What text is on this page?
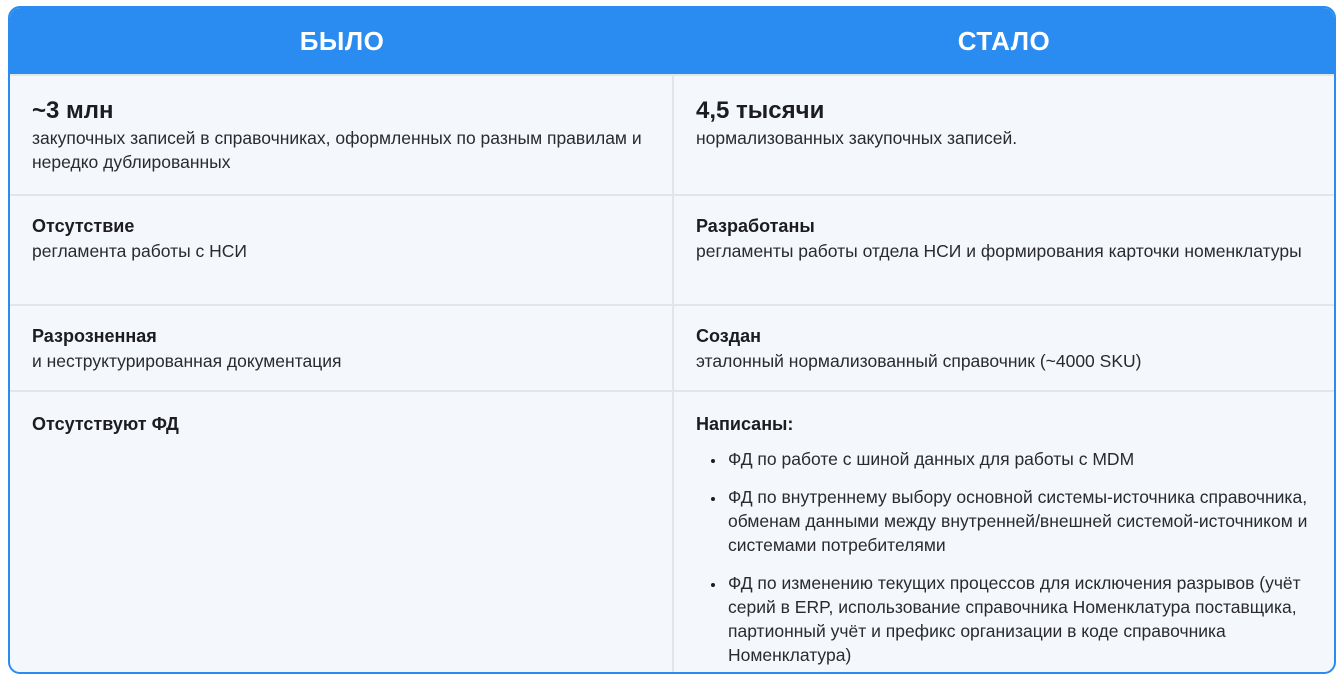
БЫЛО	СТАЛО
~3 млн
закупочных записей в справочниках, оформленных по разным правилам и нередко дублированных
4,5 тысячи
нормализованных закупочных записей.
Отсутствие
регламента работы с НСИ
Разработаны
регламенты работы отдела НСИ и формирования карточки номенклатуры
Разрозненная
и неструктурированная документация
Создан
эталонный нормализованный справочник (~4000 SKU)
Отсутствуют ФД	Написаны:
• ФД по работе с шиной данных для работы с MDM
• ФД по внутреннему выбору основной системы-источника справочника, обменам данными между внутренней/внешней системой-источником и системами потребителями
• ФД по изменению текущих процессов для исключения разрывов (учёт серий в ERP, использование справочника Номенклатура поставщика, партионный учёт и префикс организации в коде справочника Номенклатура)
